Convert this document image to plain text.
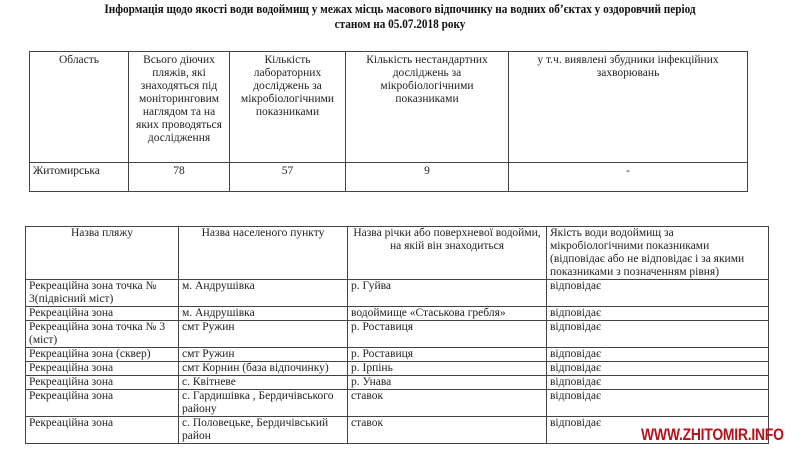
Інформація щодо якості води водоймищ у межах місць масового відпочинку на водних об’єктах у оздоровчий період
станом на 05.07.2018 року
Область	Всього діючих пляжів, які знаходяться під моніторинговим наглядом та на яких проводяться дослідження	Кількість лабораторних досліджень за мікробіологічними показниками	Кількість нестандартних досліджень за мікробіологічними показниками	у т.ч. виявлені збудники інфекційних захворювань
Житомирська	78	57	9	-
Назва пляжу	Назва населеного пункту	Назва річки або поверхневої водойми, на якій він знаходиться	Якість води водоймищ за мікробіологічними показниками (відповідає або не відповідає і за якими показниками з позначенням рівня)
Рекреаційна зона точка № 3(підвісний міст)	м. Андрушівка	р. Гуйва	відповідає
Рекреаційна зона	м. Андрушівка	водоймище «Стаськова гребля»	відповідає
Рекреаційна зона точка № 3 (міст)	смт Ружин	р. Роставиця	відповідає
Рекреаційна зона (сквер)	смт Ружин	р. Роставиця	відповідає
Рекреаційна зона	смт Корнин (база відпочинку)	р. Ірпінь	відповідає
Рекреаційна зона	с. Квітневе	р. Унава	відповідає
Рекреаційна зона	с. Гардишівка , Бердичівського району	ставок	відповідає
Рекреаційна зона	с. Половецьке, Бердичівський район	ставок	відповідає
WWW.ZHITOMIR.INFO
